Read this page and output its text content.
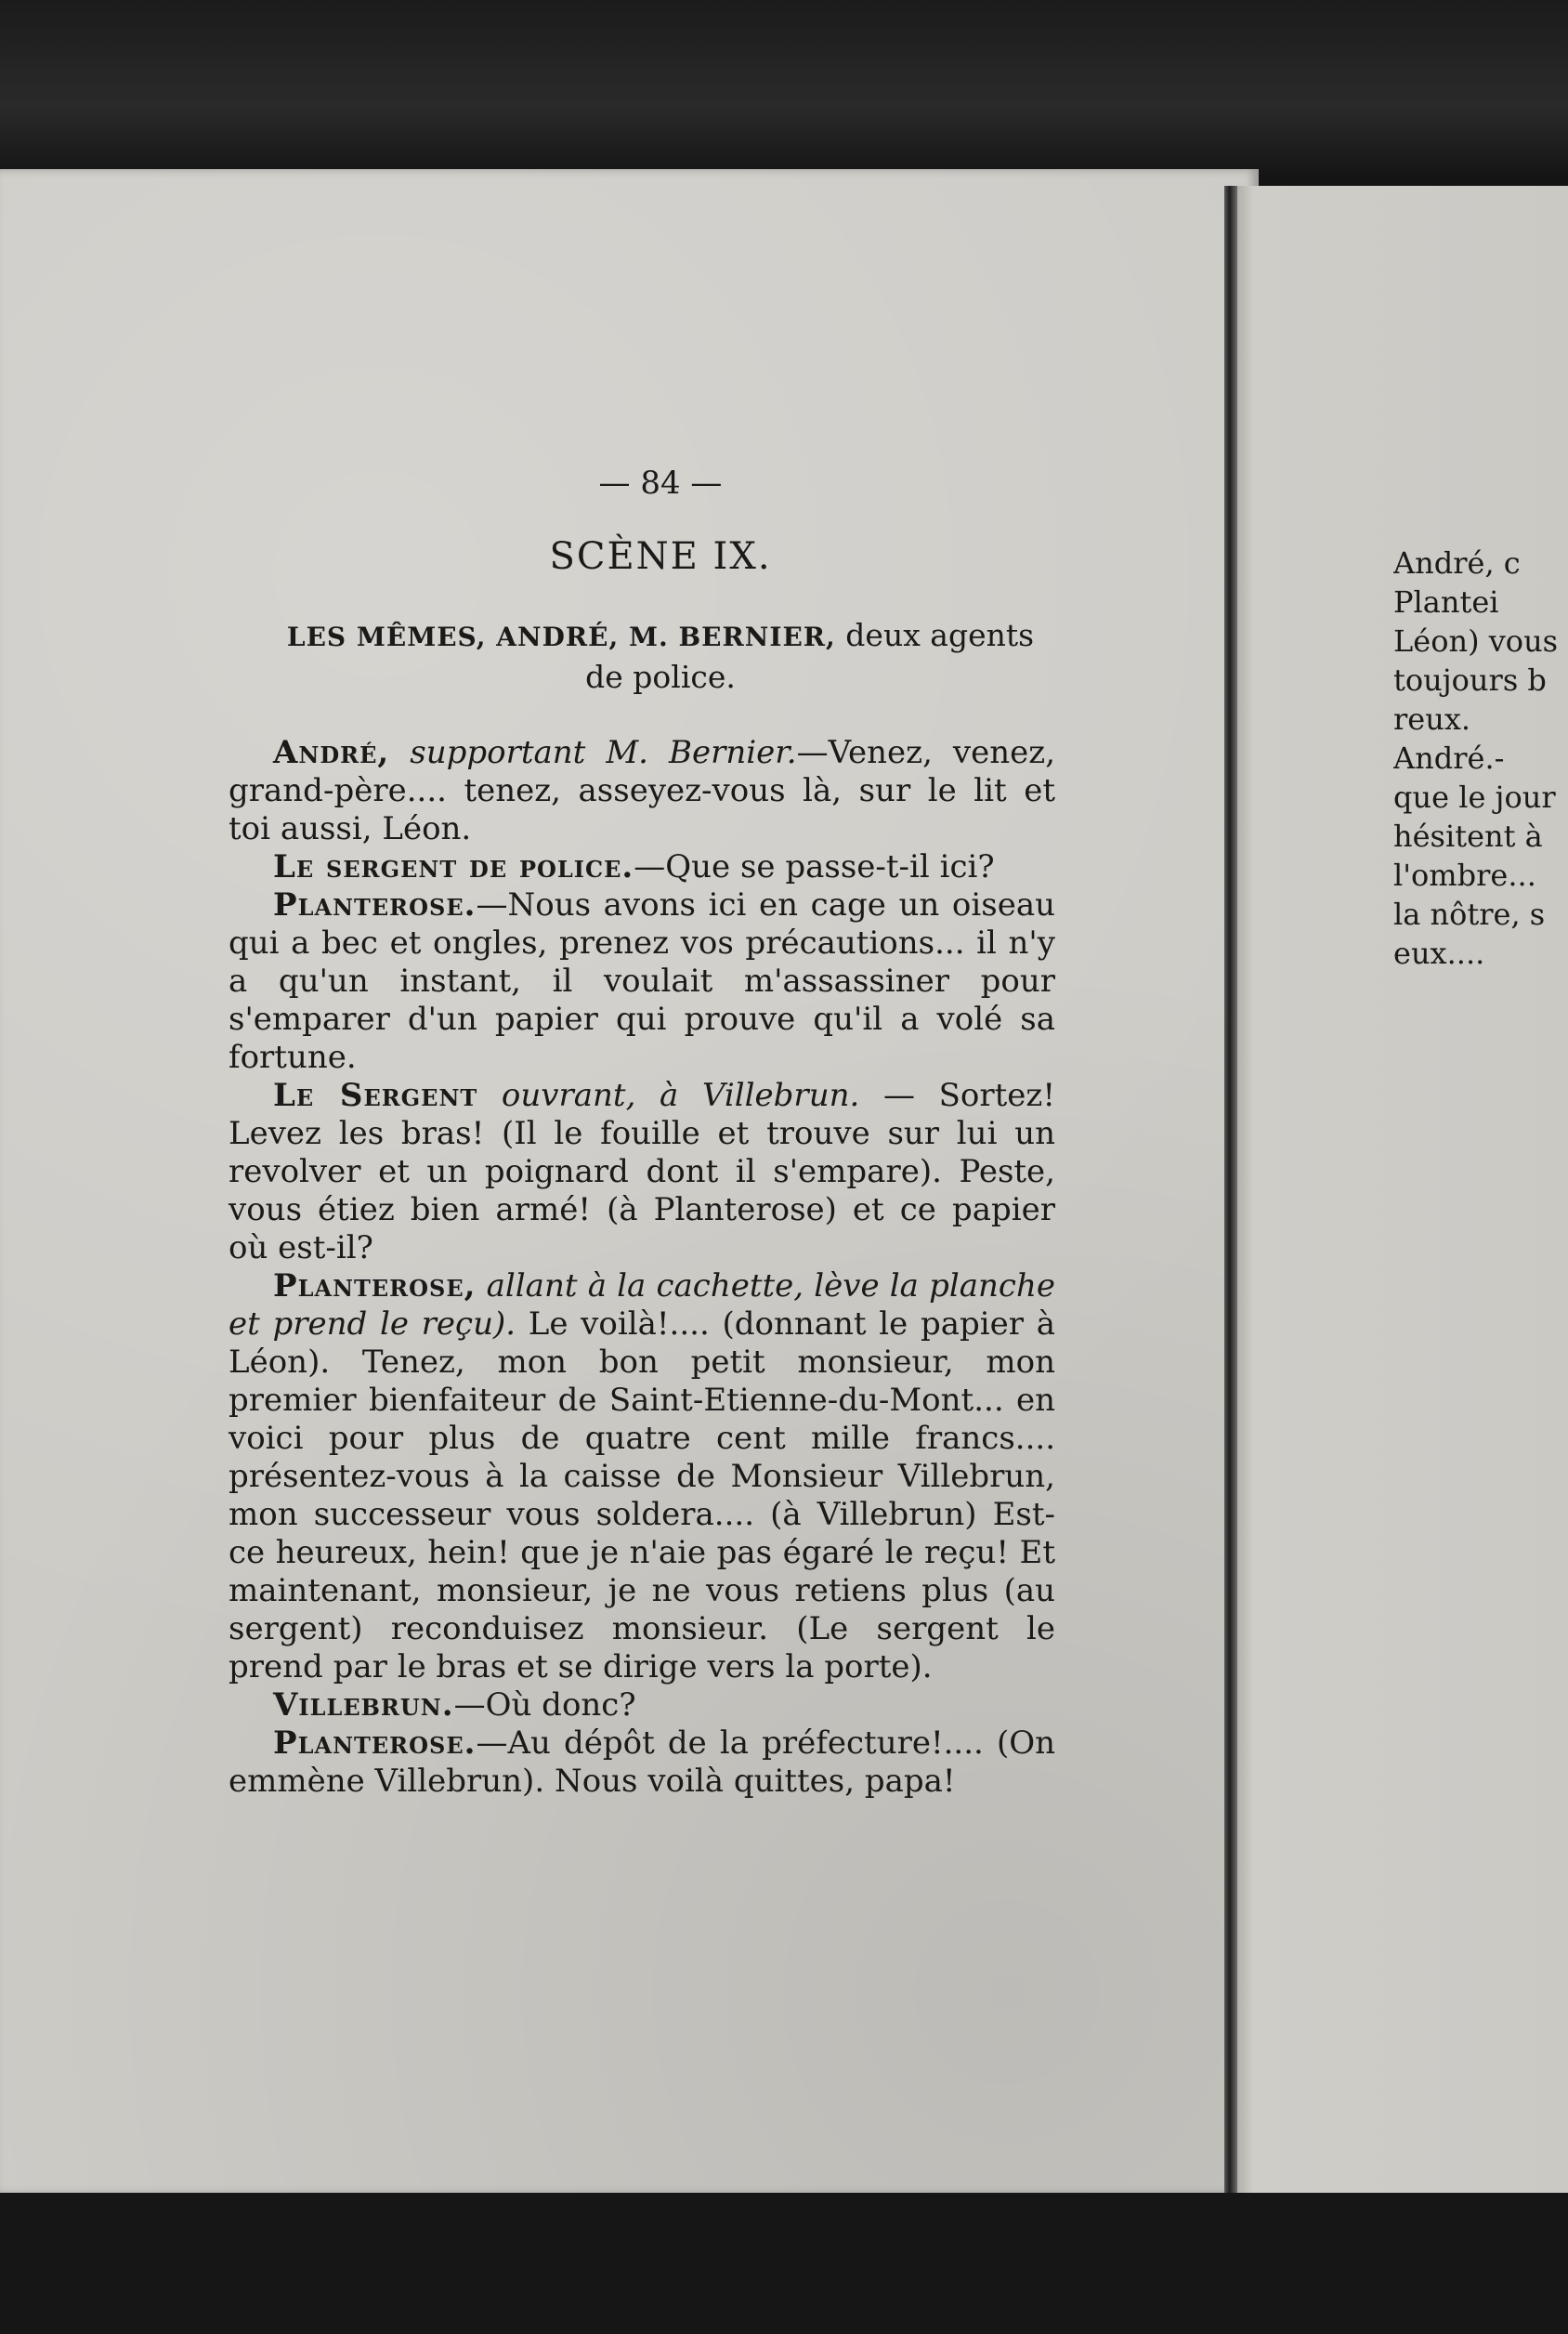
— 84 —
SCÈNE IX.
LES MÊMES, ANDRÉ, M. BERNIER, deux agents de police.

André, supportant M. Bernier.—Venez, venez, grand-père.... tenez, asseyez-vous là, sur le lit et toi aussi, Léon.

Le sergent de police.—Que se passe-t-il ici?

Planterose.—Nous avons ici en cage un oiseau qui a bec et ongles, prenez vos précautions... il n'y a qu'un instant, il voulait m'assassiner pour s'emparer d'un papier qui prouve qu'il a volé sa fortune.

Le Sergent ouvrant, à Villebrun. — Sortez! Levez les bras! (Il le fouille et trouve sur lui un revolver et un poignard dont il s'empare). Peste, vous étiez bien armé! (à Planterose) et ce papier où est-il?

Planterose, allant à la cachette, lève la planche et prend le reçu). Le voilà!.... (donnant le papier à Léon). Tenez, mon bon petit monsieur, mon premier bienfaiteur de Saint-Etienne-du-Mont... en voici pour plus de quatre cent mille francs.... présentez-vous à la caisse de Monsieur Villebrun, mon successeur vous soldera.... (à Villebrun) Est-ce heureux, hein! que je n'aie pas égaré le reçu! Et maintenant, monsieur, je ne vous retiens plus (au sergent) reconduisez monsieur. (Le sergent le prend par le bras et se dirige vers la porte).

Villebrun.—Où donc?

Planterose.—Au dépôt de la préfecture!.... (On emmène Villebrun). Nous voilà quittes, papa!

André, c

Plantei

Léon) vous

toujours b

reux.

André.-

que le jour

hésitent à

l'ombre...

la nôtre, s

eux....
